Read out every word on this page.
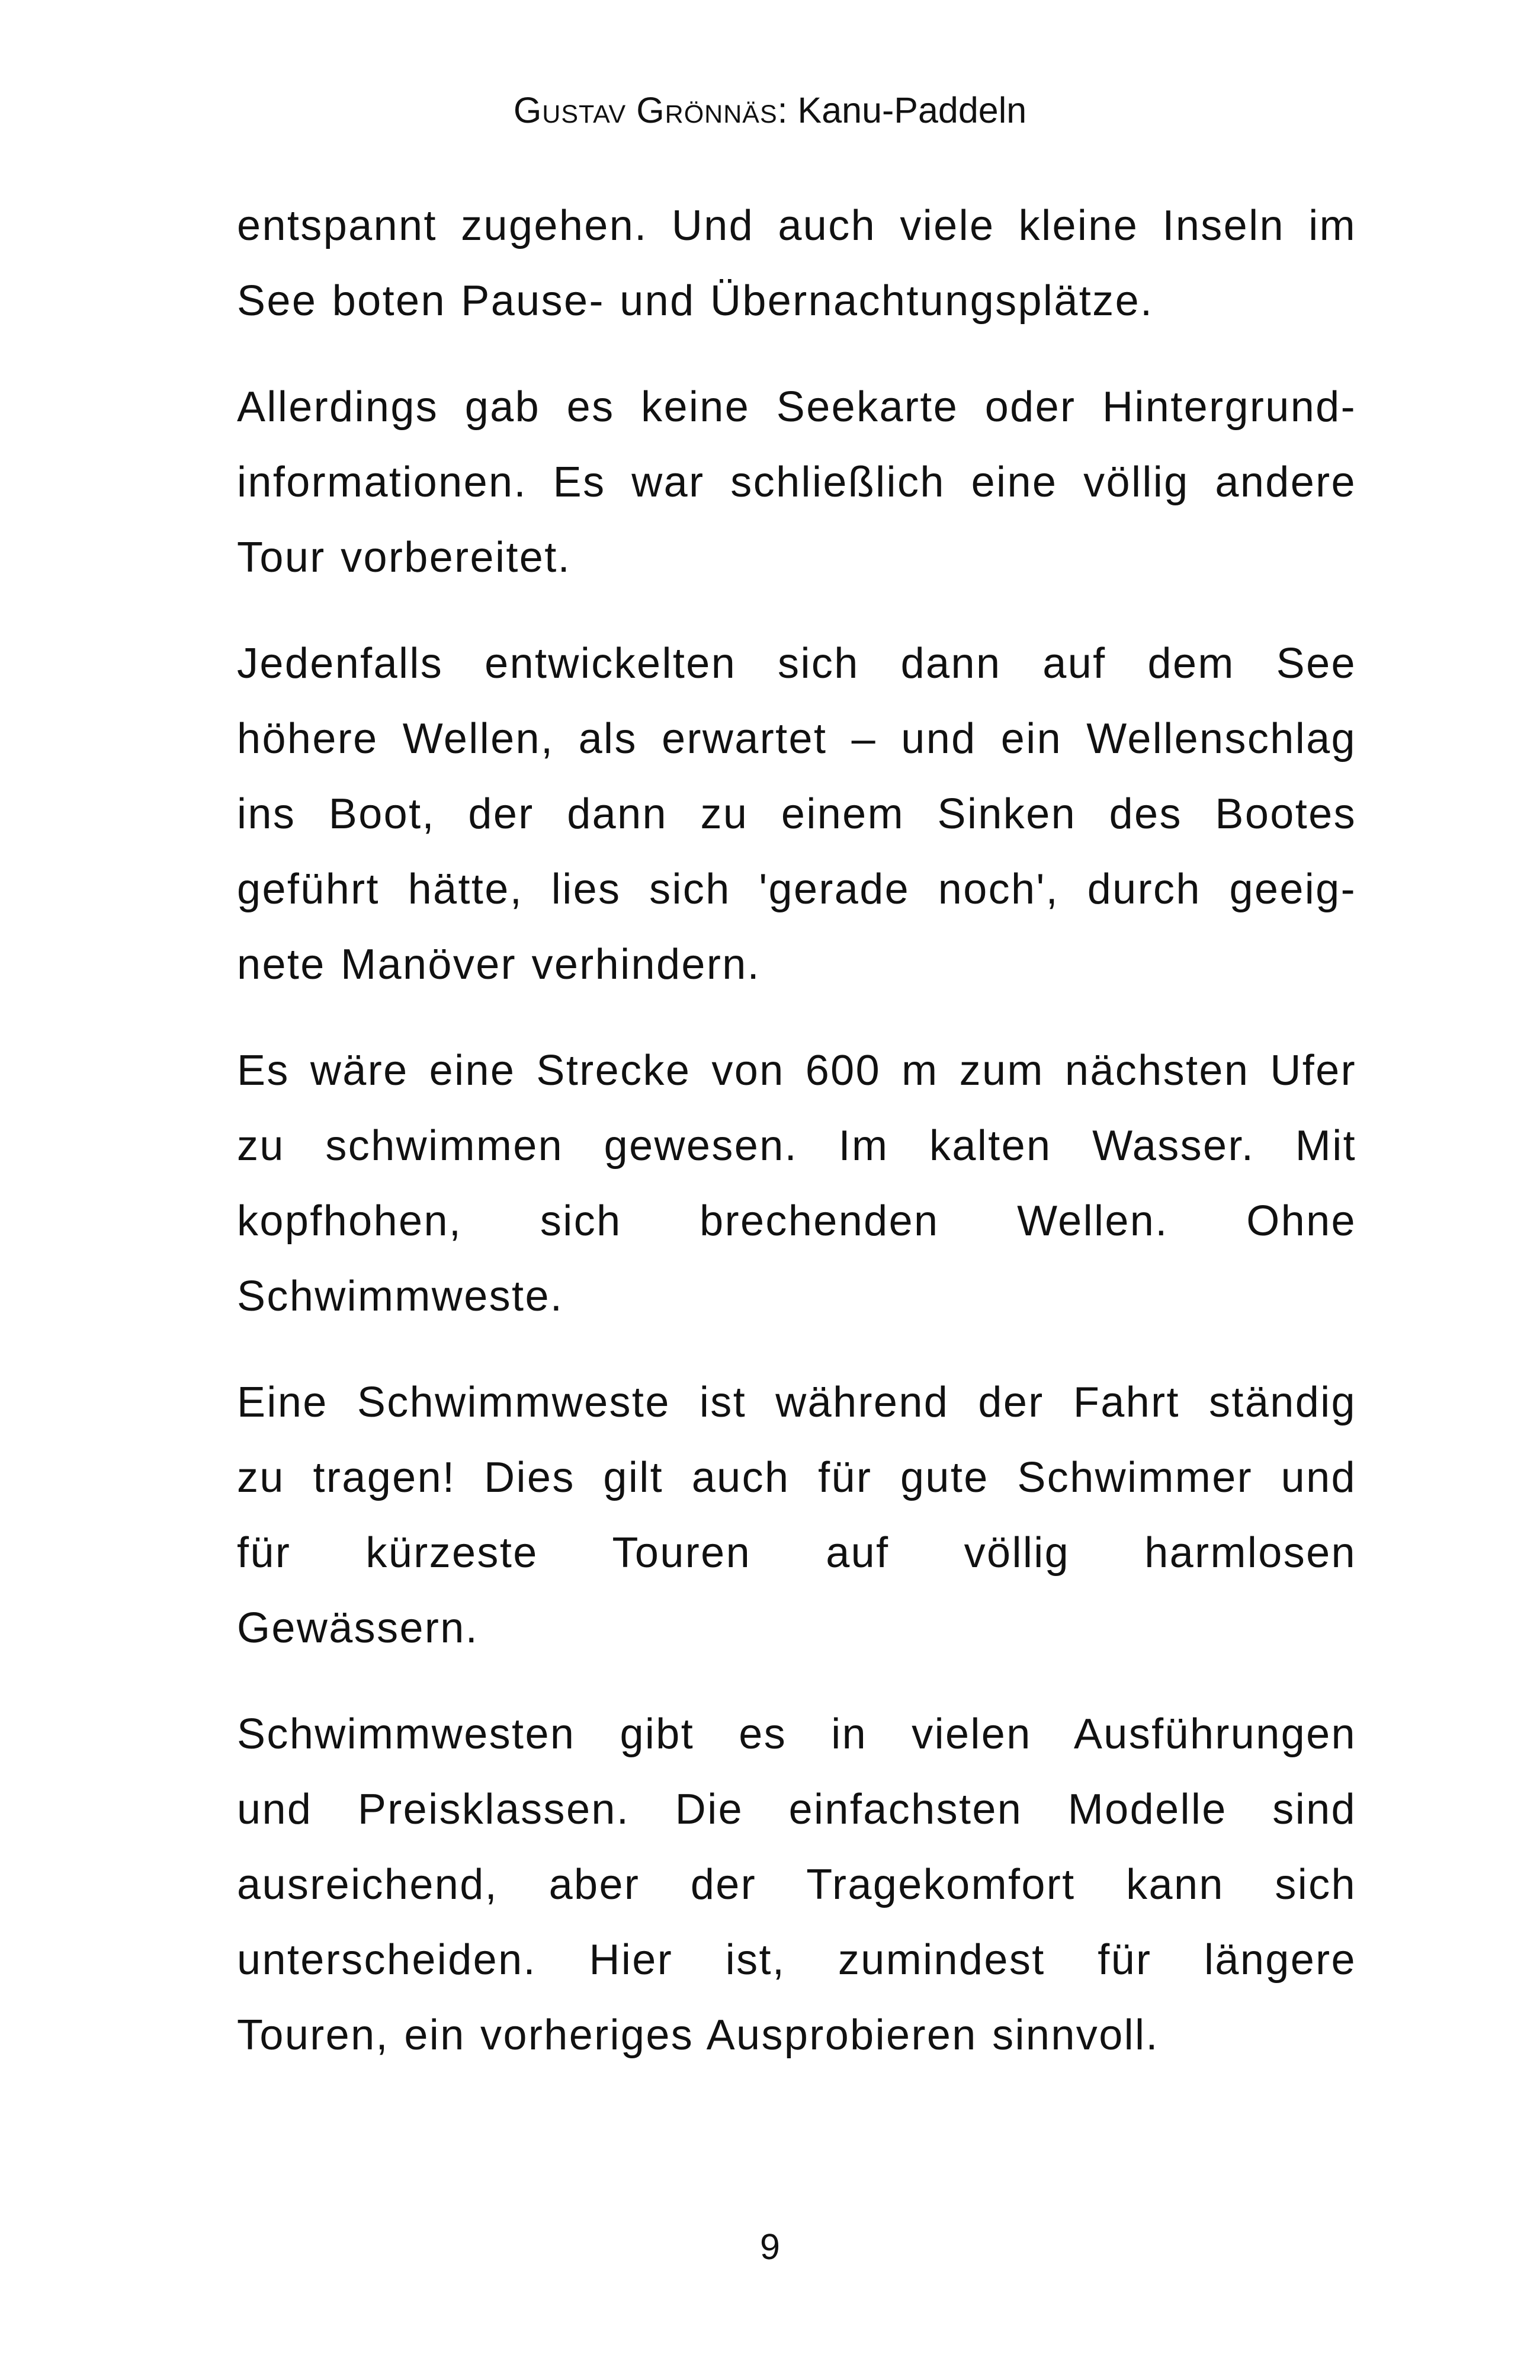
Gustav Grönnäs: Kanu-Paddeln

entspannt zugehen. Und auch viele kleine Inseln im
See boten Pause- und Übernachtungsplätze.

Allerdings gab es keine Seekarte oder Hintergrund-
informationen. Es war schließlich eine völlig andere
Tour vorbereitet.

Jedenfalls entwickelten sich dann auf dem See
höhere Wellen, als erwartet – und ein Wellenschlag
ins Boot, der dann zu einem Sinken des Bootes
geführt hätte, lies sich 'gerade noch', durch geeig-
nete Manöver verhindern.

Es wäre eine Strecke von 600 m zum nächsten Ufer
zu schwimmen gewesen. Im kalten Wasser. Mit
kopfhohen, sich brechenden Wellen. Ohne
Schwimmweste.

Eine Schwimmweste ist während der Fahrt ständig
zu tragen! Dies gilt auch für gute Schwimmer und
für kürzeste Touren auf völlig harmlosen
Gewässern.

Schwimmwesten gibt es in vielen Ausführungen
und Preisklassen. Die einfachsten Modelle sind
ausreichend, aber der Tragekomfort kann sich
unterscheiden. Hier ist, zumindest für längere
Touren, ein vorheriges Ausprobieren sinnvoll.

9
